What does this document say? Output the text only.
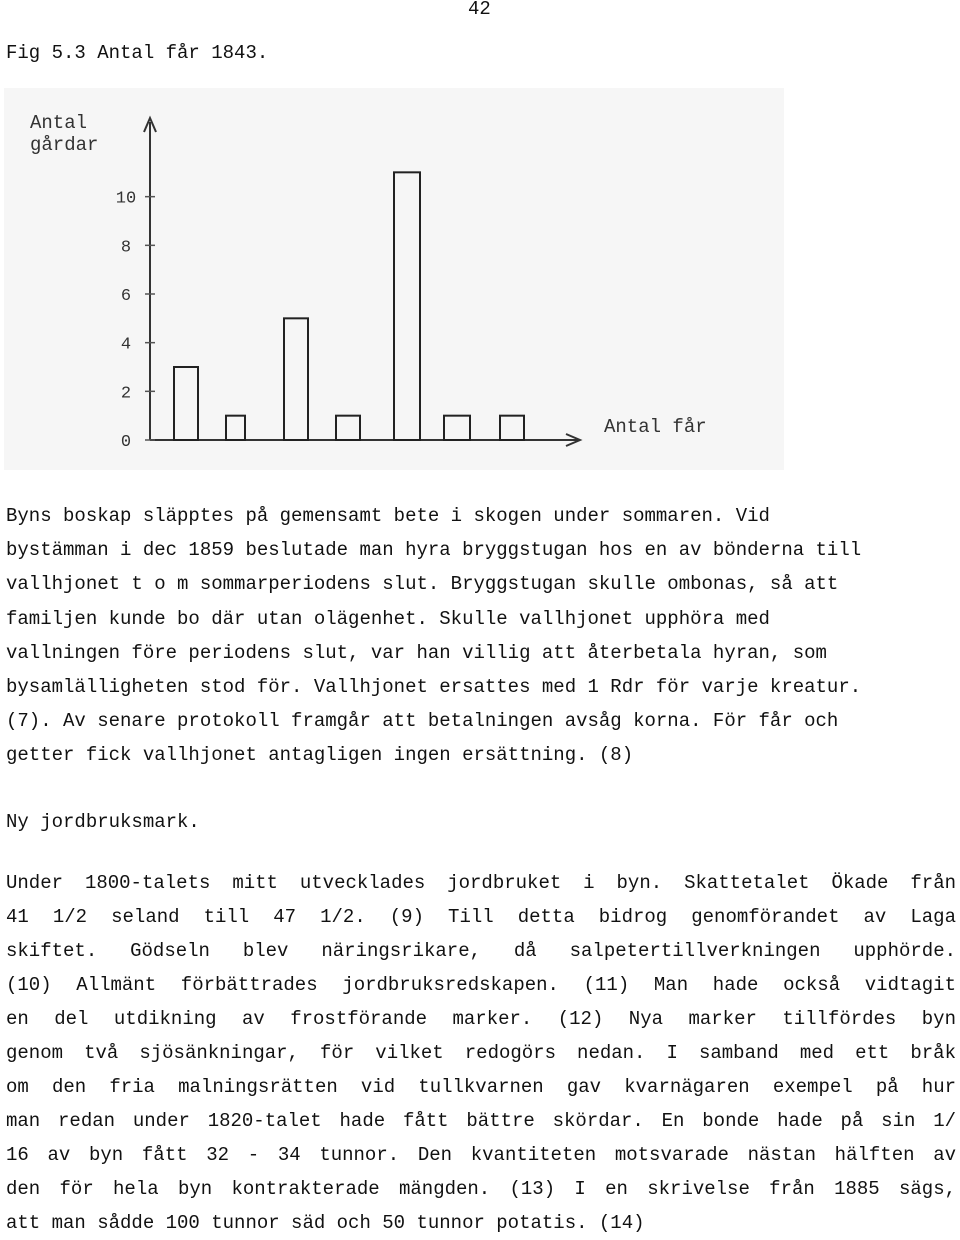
42
Fig 5.3 Antal får 1843.
Antal
gårdar
Antal får
0
2
4
6
8
10
Byns boskap släpptes på gemensamt bete i skogen under sommaren. Vid
bystämman i dec 1859 beslutade man hyra bryggstugan hos en av bönderna till
vallhjonet t o m sommarperiodens slut. Bryggstugan skulle ombonas, så att
familjen kunde bo där utan olägenhet. Skulle vallhjonet upphöra med
vallningen före periodens slut, var han villig att återbetala hyran, som
bysamlälligheten stod för. Vallhjonet ersattes med 1 Rdr för varje kreatur.
(7). Av senare protokoll framgår att betalningen avsåg korna. För får och
getter fick vallhjonet antagligen ingen ersättning. (8)
Ny jordbruksmark.
Under 1800-talets mitt utvecklades jordbruket i byn. Skattetalet Ökade från
41 1/2 seland till 47 1/2. (9) Till detta bidrog genomförandet av Laga
skiftet. Gödseln blev näringsrikare, då salpetertillverkningen upphörde.
(10) Allmänt förbättrades jordbruksredskapen. (11) Man hade också vidtagit
en del utdikning av frostförande marker. (12) Nya marker tillfördes byn
genom två sjösänkningar, för vilket redogörs nedan. I samband med ett bråk
om den fria malningsrätten vid tullkvarnen gav kvarnägaren exempel på hur
man redan under 1820-talet hade fått bättre skördar. En bonde hade på sin 1/
16 av byn fått 32 - 34 tunnor. Den kvantiteten motsvarade nästan hälften av
den för hela byn kontrakterade mängden. (13) I en skrivelse från 1885 sägs,
att man sådde 100 tunnor säd och 50 tunnor potatis. (14)
